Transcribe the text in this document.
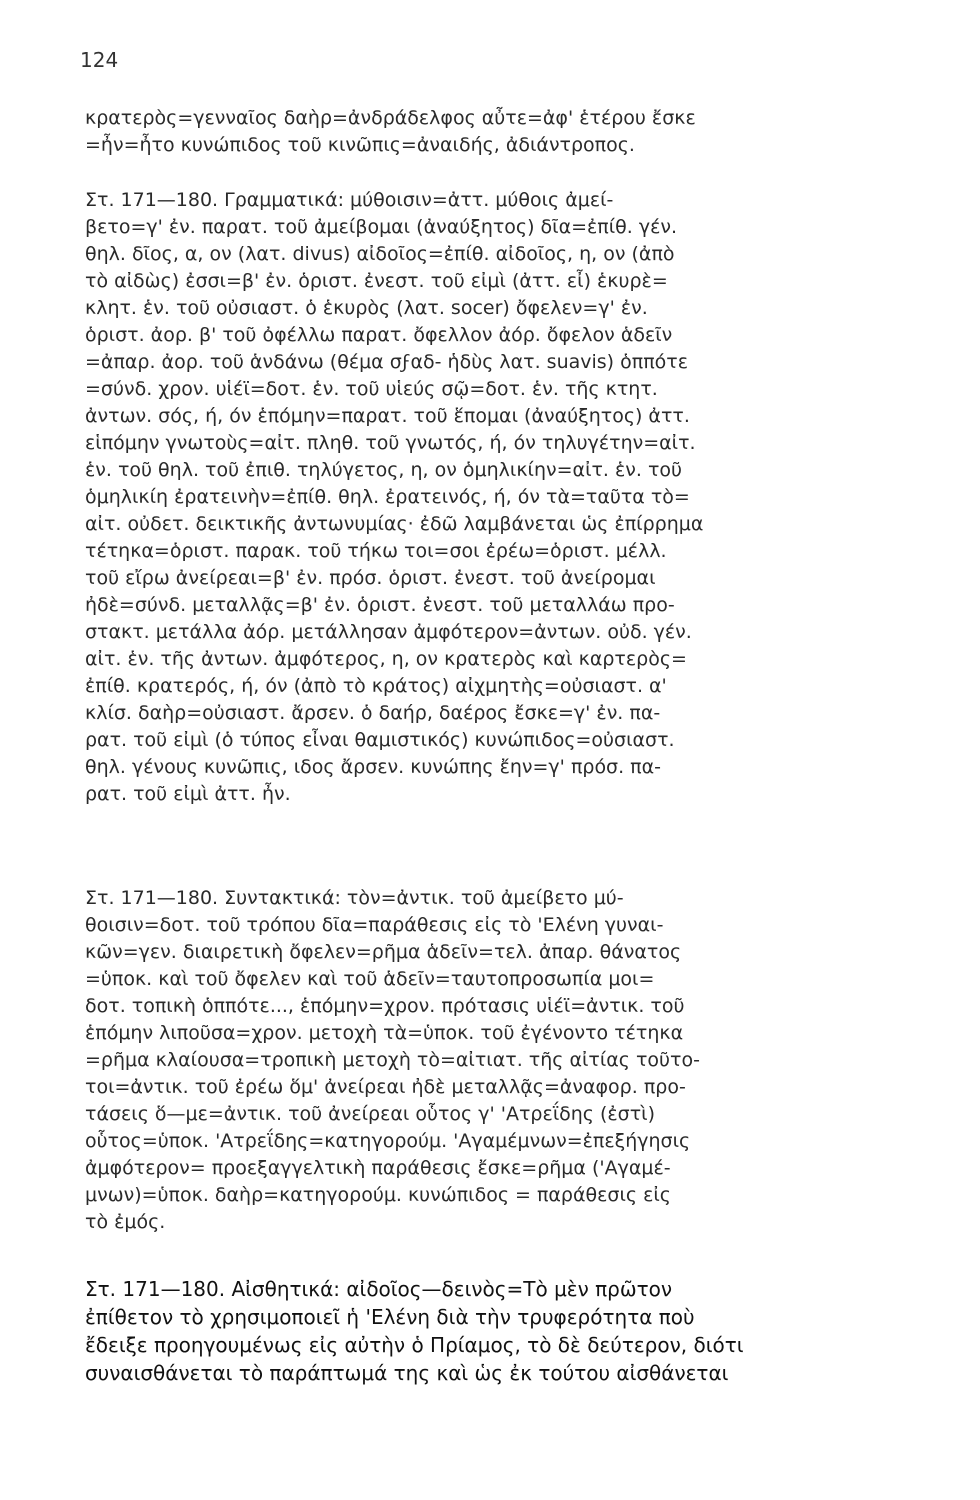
124
κρατερὸς=γενναῖος δαὴρ=ἀνδράδελφος αὖτε=ἀφ' ἑτέρου ἔσκε
=ἦν=ἦτο κυνώπιδος τοῦ κινῶπις=ἀναιδής, ἀδιάντροπος.
Στ. 171—180. Γραμματικά: μύθοισιν=ἀττ. μύθοις ἀμεί-
βετο=γ' ἐν. παρατ. τοῦ ἀμείβομαι (ἀναύξητος) δῖα=ἐπίθ. γέν.
θηλ. δῖος, α, ον (λατ. divus) αἰδοῖος=ἐπίθ. αἰδοῖος, η, ον (ἀπὸ
τὸ αἰδὼς) ἐσσι=β' ἐν. ὁριστ. ἐνεστ. τοῦ εἰμὶ (ἀττ. εἶ) ἑκυρὲ=
κλητ. ἑν. τοῦ οὐσιαστ. ὁ ἑκυρὸς (λατ. socer) ὄφελεν=γ' ἐν.
ὁριστ. ἀορ. β' τοῦ ὀφέλλω παρατ. ὄφελλον ἀόρ. ὄφελον ἁδεῖν
=ἀπαρ. ἀορ. τοῦ ἁνδάνω (θέμα σϝαδ- ἡδὺς λατ. suavis) ὁππότε
=σύνδ. χρον. υἱέϊ=δοτ. ἑν. τοῦ υἱεύς σῷ=δοτ. ἑν. τῆς κτητ.
ἀντων. σός, ή, όν ἑπόμην=παρατ. τοῦ ἕπομαι (ἀναύξητος) ἀττ.
εἱπόμην γνωτοὺς=αἰτ. πληθ. τοῦ γνωτός, ή, όν τηλυγέτην=αἰτ.
ἑν. τοῦ θηλ. τοῦ ἐπιθ. τηλύγετος, η, ον ὁμηλικίην=αἰτ. ἑν. τοῦ
ὁμηλικίη ἐρατεινὴν=ἐπίθ. θηλ. ἐρατεινός, ή, όν τὰ=ταῦτα τὸ=
αἰτ. οὐδετ. δεικτικῆς ἀντωνυμίας· ἐδῶ λαμβάνεται ὡς ἐπίρρημα
τέτηκα=ὁριστ. παρακ. τοῦ τήκω τοι=σοι ἐρέω=ὁριστ. μέλλ.
τοῦ εἴρω ἀνείρεαι=β' ἐν. πρόσ. ὁριστ. ἐνεστ. τοῦ ἀνείρομαι
ἠδὲ=σύνδ. μεταλλᾷς=β' ἐν. ὁριστ. ἐνεστ. τοῦ μεταλλάω προ-
στακτ. μετάλλα ἀόρ. μετάλλησαν ἀμφότερον=ἀντων. οὐδ. γέν.
αἰτ. ἑν. τῆς ἀντων. ἀμφότερος, η, ον κρατερὸς καὶ καρτερὸς=
ἐπίθ. κρατερός, ή, όν (ἀπὸ τὸ κράτος) αἰχμητὴς=οὐσιαστ. α'
κλίσ. δαὴρ=οὐσιαστ. ἄρσεν. ὁ δαήρ, δαέρος ἔσκε=γ' ἐν. πα-
ρατ. τοῦ εἰμὶ (ὁ τύπος εἶναι θαμιστικός) κυνώπιδος=οὐσιαστ.
θηλ. γένους κυνῶπις, ιδος ἄρσεν. κυνώπης ἔην=γ' πρόσ. πα-
ρατ. τοῦ εἰμὶ ἀττ. ἦν.
Στ. 171—180. Συντακτικά: τὸν=ἀντικ. τοῦ ἀμείβετο μύ-
θοισιν=δοτ. τοῦ τρόπου δῖα=παράθεσις εἰς τὸ 'Ελένη γυναι-
κῶν=γεν. διαιρετικὴ ὄφελεν=ρῆμα ἁδεῖν=τελ. ἀπαρ. θάνατος
=ὑποκ. καὶ τοῦ ὄφελεν καὶ τοῦ ἁδεῖν=ταυτοπροσωπία μοι=
δοτ. τοπικὴ ὁππότε..., ἑπόμην=χρον. πρότασις υἱέϊ=ἀντικ. τοῦ
ἑπόμην λιποῦσα=χρον. μετοχὴ τὰ=ὑποκ. τοῦ ἐγένοντο τέτηκα
=ρῆμα κλαίουσα=τροπικὴ μετοχὴ τὸ=αἰτιατ. τῆς αἰτίας τοῦτο-
τοι=ἀντικ. τοῦ ἐρέω ὅμ' ἀνείρεαι ἠδὲ μεταλλᾷς=ἀναφορ. προ-
τάσεις ὅ—με=ἀντικ. τοῦ ἀνείρεαι οὗτος γ' 'Ατρεΐδης (ἐστὶ)
οὗτος=ὑποκ. 'Ατρεΐδης=κατηγορούμ. 'Αγαμέμνων=ἐπεξήγησις
ἀμφότερον= προεξαγγελτικὴ παράθεσις ἔσκε=ρῆμα ('Αγαμέ-
μνων)=ὑποκ. δαὴρ=κατηγορούμ. κυνώπιδος = παράθεσις εἰς
τὸ ἐμός.
Στ. 171—180. Αἰσθητικά: αἰδοῖος—δεινὸς=Τὸ μὲν πρῶτον
ἐπίθετον τὸ χρησιμοποιεῖ ἡ 'Ελένη διὰ τὴν τρυφερότητα ποὺ
ἔδειξε προηγουμένως εἰς αὐτὴν ὁ Πρίαμος, τὸ δὲ δεύτερον, διότι
συναισθάνεται τὸ παράπτωμά της καὶ ὡς ἐκ τούτου αἰσθάνεται
